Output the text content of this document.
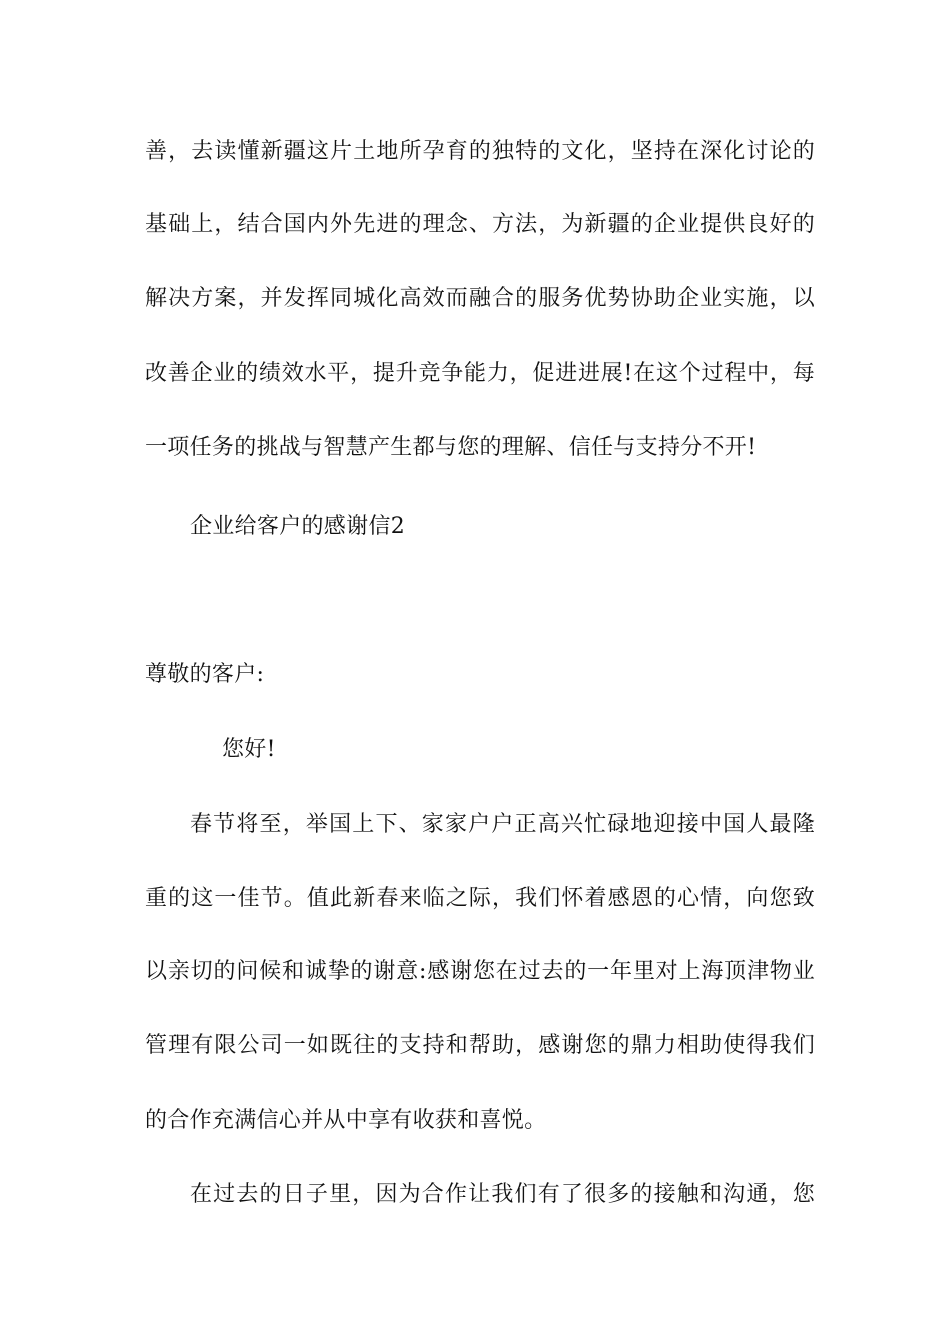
善，去读懂新疆这片土地所孕育的独特的文化，坚持在深化讨论的
基础上，结合国内外先进的理念、方法，为新疆的企业提供良好的
解决方案，并发挥同城化高效而融合的服务优势协助企业实施，以
改善企业的绩效水平，提升竞争能力，促进进展!在这个过程中，每
一项任务的挑战与智慧产生都与您的理解、信任与支持分不开!
企业给客户的感谢信2
尊敬的客户:
您好!
春节将至，举国上下、家家户户正高兴忙碌地迎接中国人最隆
重的这一佳节。值此新春来临之际，我们怀着感恩的心情，向您致
以亲切的问候和诚挚的谢意:感谢您在过去的一年里对上海顶津物业
管理有限公司一如既往的支持和帮助，感谢您的鼎力相助使得我们
的合作充满信心并从中享有收获和喜悦。
在过去的日子里，因为合作让我们有了很多的接触和沟通，您
